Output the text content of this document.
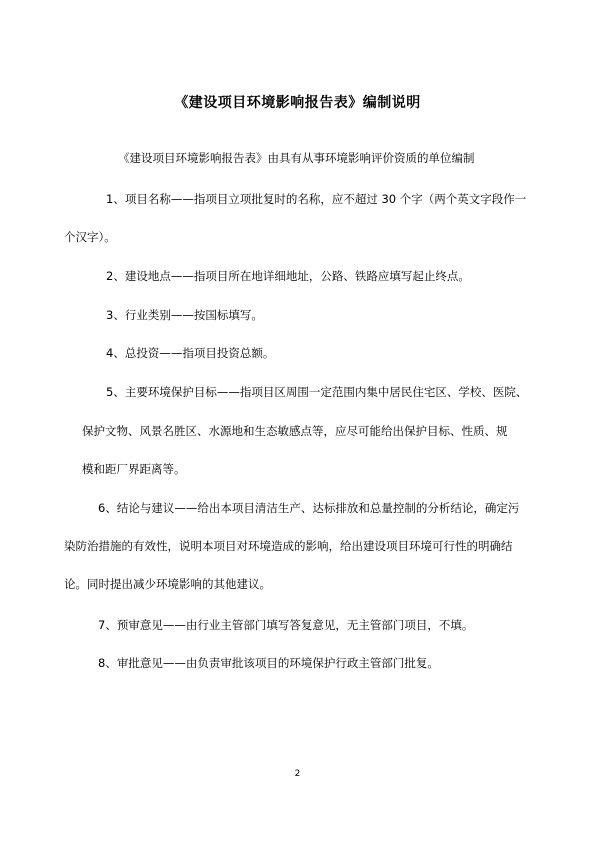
《建设项目环境影响报告表》编制说明
《建设项目环境影响报告表》由具有从事环境影响评价资质的单位编制
1、项目名称——指项目立项批复时的名称，应不超过 30 个字（两个英文字段作一
个汉字）。
2、建设地点——指项目所在地详细地址，公路、铁路应填写起止终点。
3、行业类别——按国标填写。
4、总投资——指项目投资总额。
5、主要环境保护目标——指项目区周围一定范围内集中居民住宅区、学校、医院、
保护文物、风景名胜区、水源地和生态敏感点等，应尽可能给出保护目标、性质、规
模和距厂界距离等。
6、结论与建议——给出本项目清洁生产、达标排放和总量控制的分析结论，确定污
染防治措施的有效性，说明本项目对环境造成的影响，给出建设项目环境可行性的明确结
论。同时提出减少环境影响的其他建议。
7、预审意见——由行业主管部门填写答复意见，无主管部门项目，不填。
8、审批意见——由负责审批该项目的环境保护行政主管部门批复。
2
